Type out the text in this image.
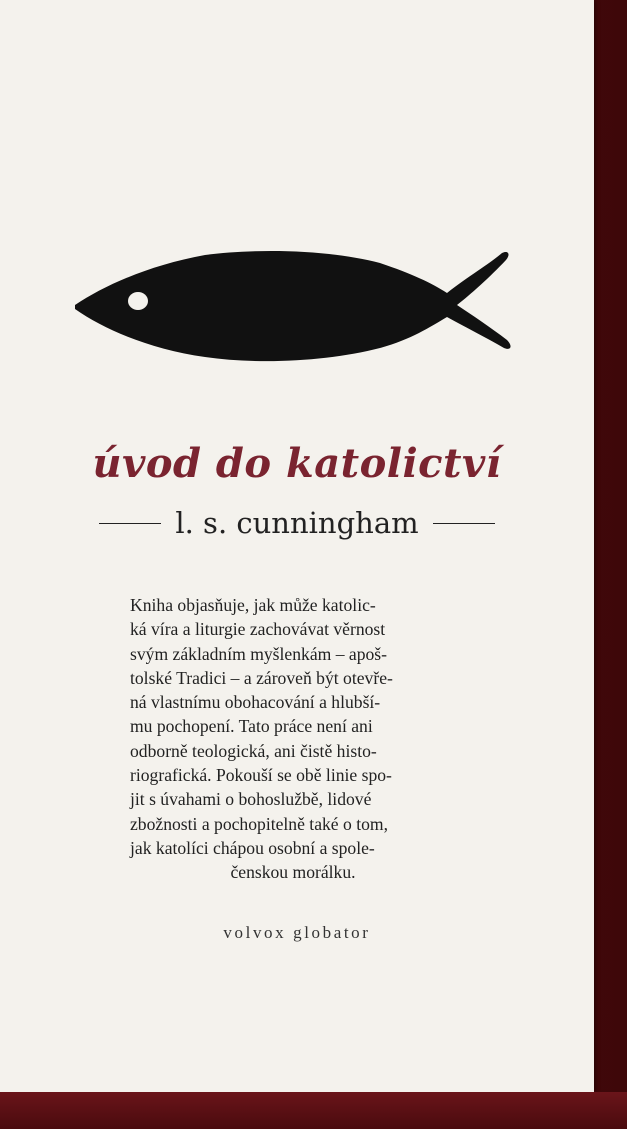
úvod do katolictví
l. s. cunningham

Kniha objasňuje, jak může katolic-
ká víra a liturgie zachovávat věrnost
svým základním myšlenkám – apoš-
tolské Tradici – a zároveň být otevře-
ná vlastnímu obohacování a hlubší-
mu pochopení. Tato práce není ani
odborně teologická, ani čistě histo-
riografická. Pokouší se obě linie spo-
jit s úvahami o bohoslužbě, lidové
zbožnosti a pochopitelně také o tom,
jak katolíci chápou osobní a spole-
čenskou morálku.

volvox globator
